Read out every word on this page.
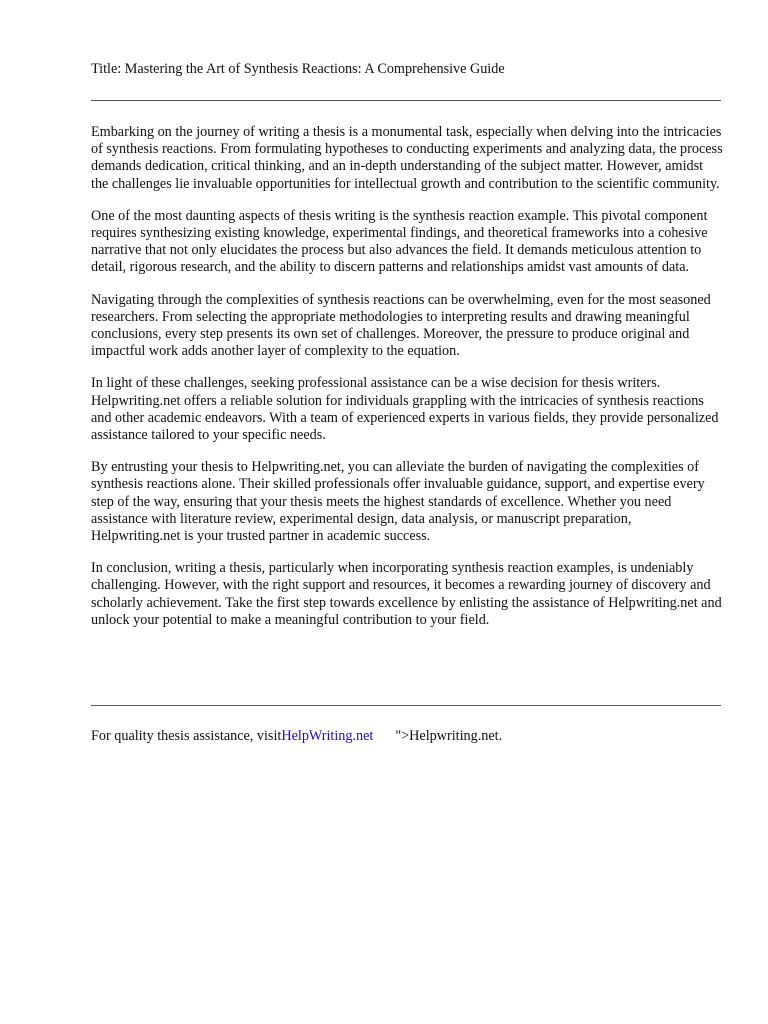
Title: Mastering the Art of Synthesis Reactions: A Comprehensive Guide

Embarking on the journey of writing a thesis is a monumental task, especially when delving into the intricacies of synthesis reactions. From formulating hypotheses to conducting experiments and analyzing data, the process demands dedication, critical thinking, and an in-depth understanding of the subject matter. However, amidst the challenges lie invaluable opportunities for intellectual growth and contribution to the scientific community.

One of the most daunting aspects of thesis writing is the synthesis reaction example. This pivotal component requires synthesizing existing knowledge, experimental findings, and theoretical frameworks into a cohesive narrative that not only elucidates the process but also advances the field. It demands meticulous attention to detail, rigorous research, and the ability to discern patterns and relationships amidst vast amounts of data.

Navigating through the complexities of synthesis reactions can be overwhelming, even for the most seasoned researchers. From selecting the appropriate methodologies to interpreting results and drawing meaningful conclusions, every step presents its own set of challenges. Moreover, the pressure to produce original and impactful work adds another layer of complexity to the equation.

In light of these challenges, seeking professional assistance can be a wise decision for thesis writers. Helpwriting.net offers a reliable solution for individuals grappling with the intricacies of synthesis reactions and other academic endeavors. With a team of experienced experts in various fields, they provide personalized assistance tailored to your specific needs.

By entrusting your thesis to Helpwriting.net, you can alleviate the burden of navigating the complexities of synthesis reactions alone. Their skilled professionals offer invaluable guidance, support, and expertise every step of the way, ensuring that your thesis meets the highest standards of excellence. Whether you need assistance with literature review, experimental design, data analysis, or manuscript preparation, Helpwriting.net is your trusted partner in academic success.

In conclusion, writing a thesis, particularly when incorporating synthesis reaction examples, is undeniably challenging. However, with the right support and resources, it becomes a rewarding journey of discovery and scholarly achievement. Take the first step towards excellence by enlisting the assistance of Helpwriting.net and unlock your potential to make a meaningful contribution to your field.

For quality thesis assistance, visitHelpWriting.net ">Helpwriting.net.
